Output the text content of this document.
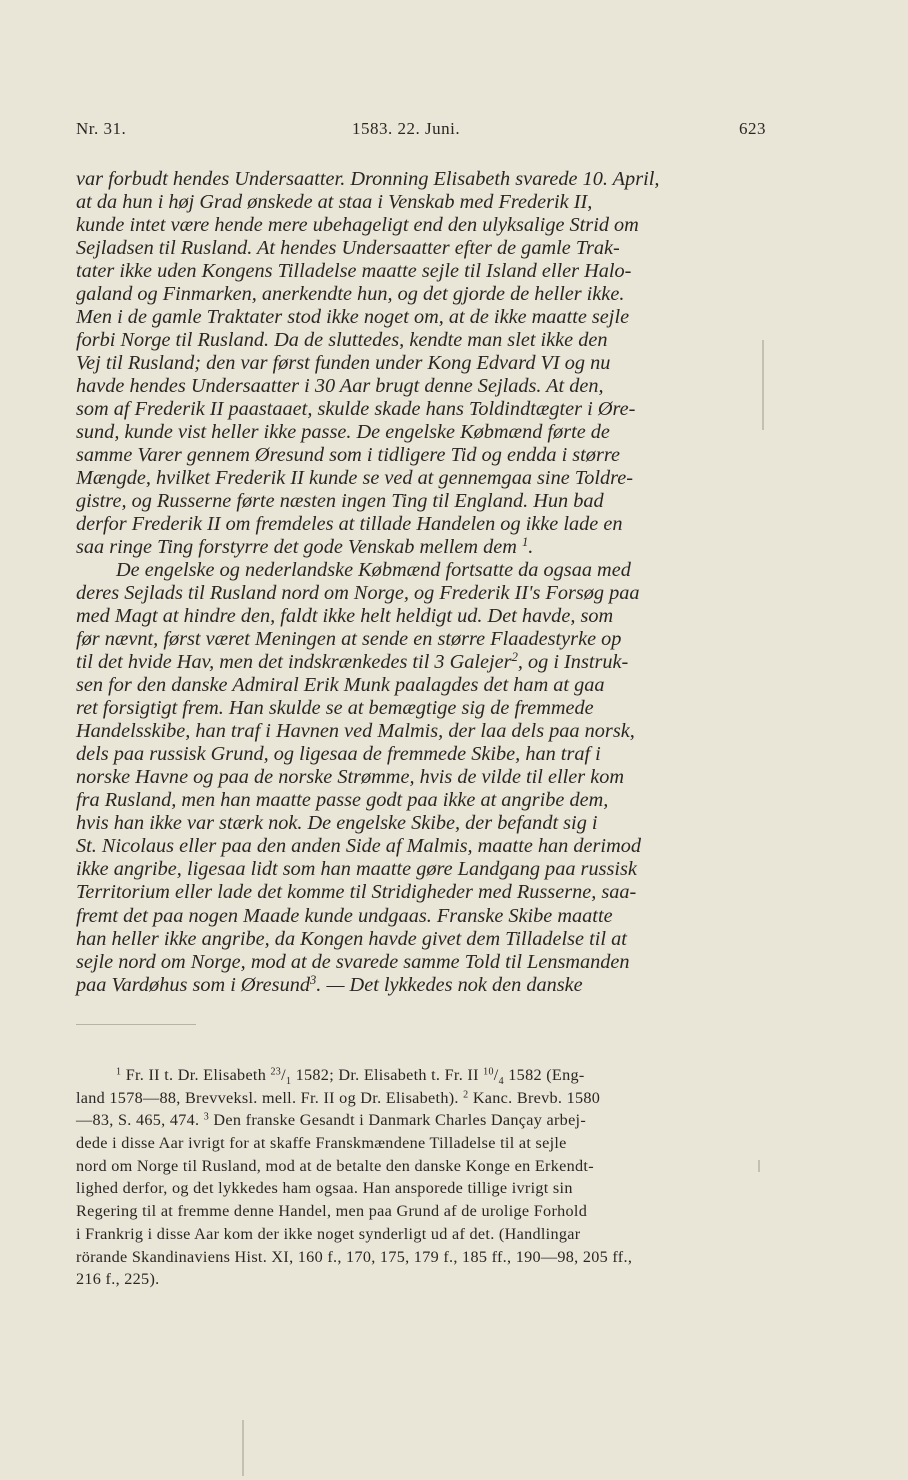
Nr. 31.	1583. 22. Juni.	623
var forbudt hendes Undersaatter. Dronning Elisabeth svarede 10. April,
at da hun i høj Grad ønskede at staa i Venskab med Frederik II,
kunde intet være hende mere ubehageligt end den ulyksalige Strid om
Sejladsen til Rusland. At hendes Undersaatter efter de gamle Trak-
tater ikke uden Kongens Tilladelse maatte sejle til Island eller Halo-
galand og Finmarken, anerkendte hun, og det gjorde de heller ikke.
Men i de gamle Traktater stod ikke noget om, at de ikke maatte sejle
forbi Norge til Rusland. Da de sluttedes, kendte man slet ikke den
Vej til Rusland; den var først funden under Kong Edvard VI og nu
havde hendes Undersaatter i 30 Aar brugt denne Sejlads. At den,
som af Frederik II paastaaet, skulde skade hans Toldindtægter i Øre-
sund, kunde vist heller ikke passe. De engelske Købmænd førte de
samme Varer gennem Øresund som i tidligere Tid og endda i større
Mængde, hvilket Frederik II kunde se ved at gennemgaa sine Toldre-
gistre, og Russerne førte næsten ingen Ting til England. Hun bad
derfor Frederik II om fremdeles at tillade Handelen og ikke lade en
saa ringe Ting forstyrre det gode Venskab mellem dem $^1$.
De engelske og nederlandske Købmænd fortsatte da ogsaa med
deres Sejlads til Rusland nord om Norge, og Frederik II's Forsøg paa
med Magt at hindre den, faldt ikke helt heldigt ud. Det havde, som
før nævnt, først været Meningen at sende en større Flaadestyrke op
til det hvide Hav, men det indskrænkedes til 3 Galejer$^2$, og i Instruk-
sen for den danske Admiral Erik Munk paalagdes det ham at gaa
ret forsigtigt frem. Han skulde se at bemægtige sig de fremmede
Handelsskibe, han traf i Havnen ved Malmis, der laa dels paa norsk,
dels paa russisk Grund, og ligesaa de fremmede Skibe, han traf i
norske Havne og paa de norske Strømme, hvis de vilde til eller kom
fra Rusland, men han maatte passe godt paa ikke at angribe dem,
hvis han ikke var stærk nok. De engelske Skibe, der befandt sig i
St. Nicolaus eller paa den anden Side af Malmis, maatte han derimod
ikke angribe, ligesaa lidt som han maatte gøre Landgang paa russisk
Territorium eller lade det komme til Stridigheder med Russerne, saa-
fremt det paa nogen Maade kunde undgaas. Franske Skibe maatte
han heller ikke angribe, da Kongen havde givet dem Tilladelse til at
sejle nord om Norge, mod at de svarede samme Told til Lensmanden
paa Vardøhus som i Øresund$^3$. — Det lykkedes nok den danske
$^1$ Fr. II t. Dr. Elisabeth $^{23}/_1$ 1582; Dr. Elisabeth t. Fr. II $^{10}/_4$ 1582 (Eng-
land 1578—88, Brevveksl. mell. Fr. II og Dr. Elisabeth). $^2$ Kanc. Brevb. 1580
—83, S. 465, 474. $^3$ Den franske Gesandt i Danmark Charles Dançay arbej-
dede i disse Aar ivrigt for at skaffe Franskmændene Tilladelse til at sejle
nord om Norge til Rusland, mod at de betalte den danske Konge en Erkendt-
lighed derfor, og det lykkedes ham ogsaa. Han ansporede tillige ivrigt sin
Regering til at fremme denne Handel, men paa Grund af de urolige Forhold
i Frankrig i disse Aar kom der ikke noget synderligt ud af det. (Handlingar
rörande Skandinaviens Hist. XI, 160 f., 170, 175, 179 f., 185 ff., 190—98, 205 ff.,
216 f., 225).
